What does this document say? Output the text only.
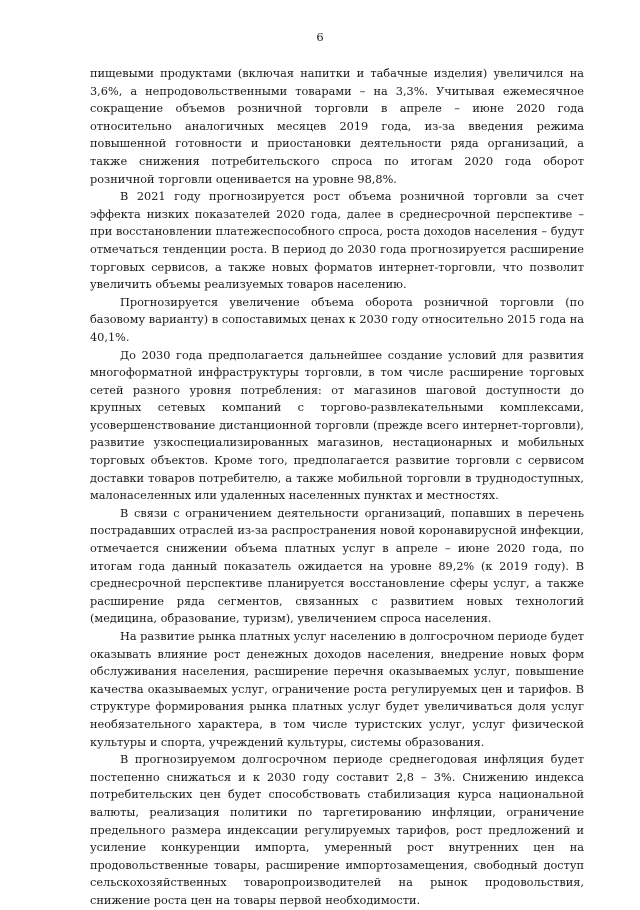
6

пищевыми продуктами (включая напитки и табачные изделия) увеличился на 3,6%, а непродовольственными товарами – на 3,3%. Учитывая ежемесячное сокращение объемов розничной торговли в апреле – июне 2020 года относительно аналогичных месяцев 2019 года, из-за введения режима повышенной готовности и приостановки деятельности ряда организаций, а также снижения потребительского спроса по итогам 2020 года оборот розничной торговли оценивается на уровне 98,8%.

В 2021 году прогнозируется рост объема розничной торговли за счет эффекта низких показателей 2020 года, далее в среднесрочной перспективе – при восстановлении платежеспособного спроса, роста доходов населения – будут отмечаться тенденции роста. В период до 2030 года прогнозируется расширение торговых сервисов, а также новых форматов интернет-торговли, что позволит увеличить объемы реализуемых товаров населению.

Прогнозируется увеличение объема оборота розничной торговли (по базовому варианту) в сопоставимых ценах к 2030 году относительно 2015 года на 40,1%.

До 2030 года предполагается дальнейшее создание условий для развития многоформатной инфраструктуры торговли, в том числе расширение торговых сетей разного уровня потребления: от магазинов шаговой доступности до крупных сетевых компаний с торгово-развлекательными комплексами, усовершенствование дистанционной торговли (прежде всего интернет-торговли), развитие узкоспециализированных магазинов, нестационарных и мобильных торговых объектов. Кроме того, предполагается развитие торговли с сервисом доставки товаров потребителю, а также мобильной торговли в труднодоступных, малонаселенных или удаленных населенных пунктах и местностях.

В связи с ограничением деятельности организаций, попавших в перечень пострадавших отраслей из-за распространения новой коронавирусной инфекции, отмечается снижении объема платных услуг в апреле – июне 2020 года, по итогам года данный показатель ожидается на уровне 89,2% (к 2019 году). В среднесрочной перспективе планируется восстановление сферы услуг, а также расширение ряда сегментов, связанных с развитием новых технологий (медицина, образование, туризм), увеличением спроса населения.

На развитие рынка платных услуг населению в долгосрочном периоде будет оказывать влияние рост денежных доходов населения, внедрение новых форм обслуживания населения, расширение перечня оказываемых услуг, повышение качества оказываемых услуг, ограничение роста регулируемых цен и тарифов. В структуре формирования рынка платных услуг будет увеличиваться доля услуг необязательного характера, в том числе туристских услуг, услуг физической культуры и спорта, учреждений культуры, системы образования.

В прогнозируемом долгосрочном периоде среднегодовая инфляция будет постепенно снижаться и к 2030 году составит 2,8 – 3%. Снижению индекса потребительских цен будет способствовать стабилизация курса национальной валюты, реализация политики по таргетированию инфляции, ограничение предельного размера индексации регулируемых тарифов, рост предложений и усиление конкуренции импорта, умеренный рост внутренних цен на продовольственные товары, расширение импортозамещения, свободный доступ сельскохозяйственных товаропроизводителей на рынок продовольствия, снижение роста цен на товары первой необходимости.
